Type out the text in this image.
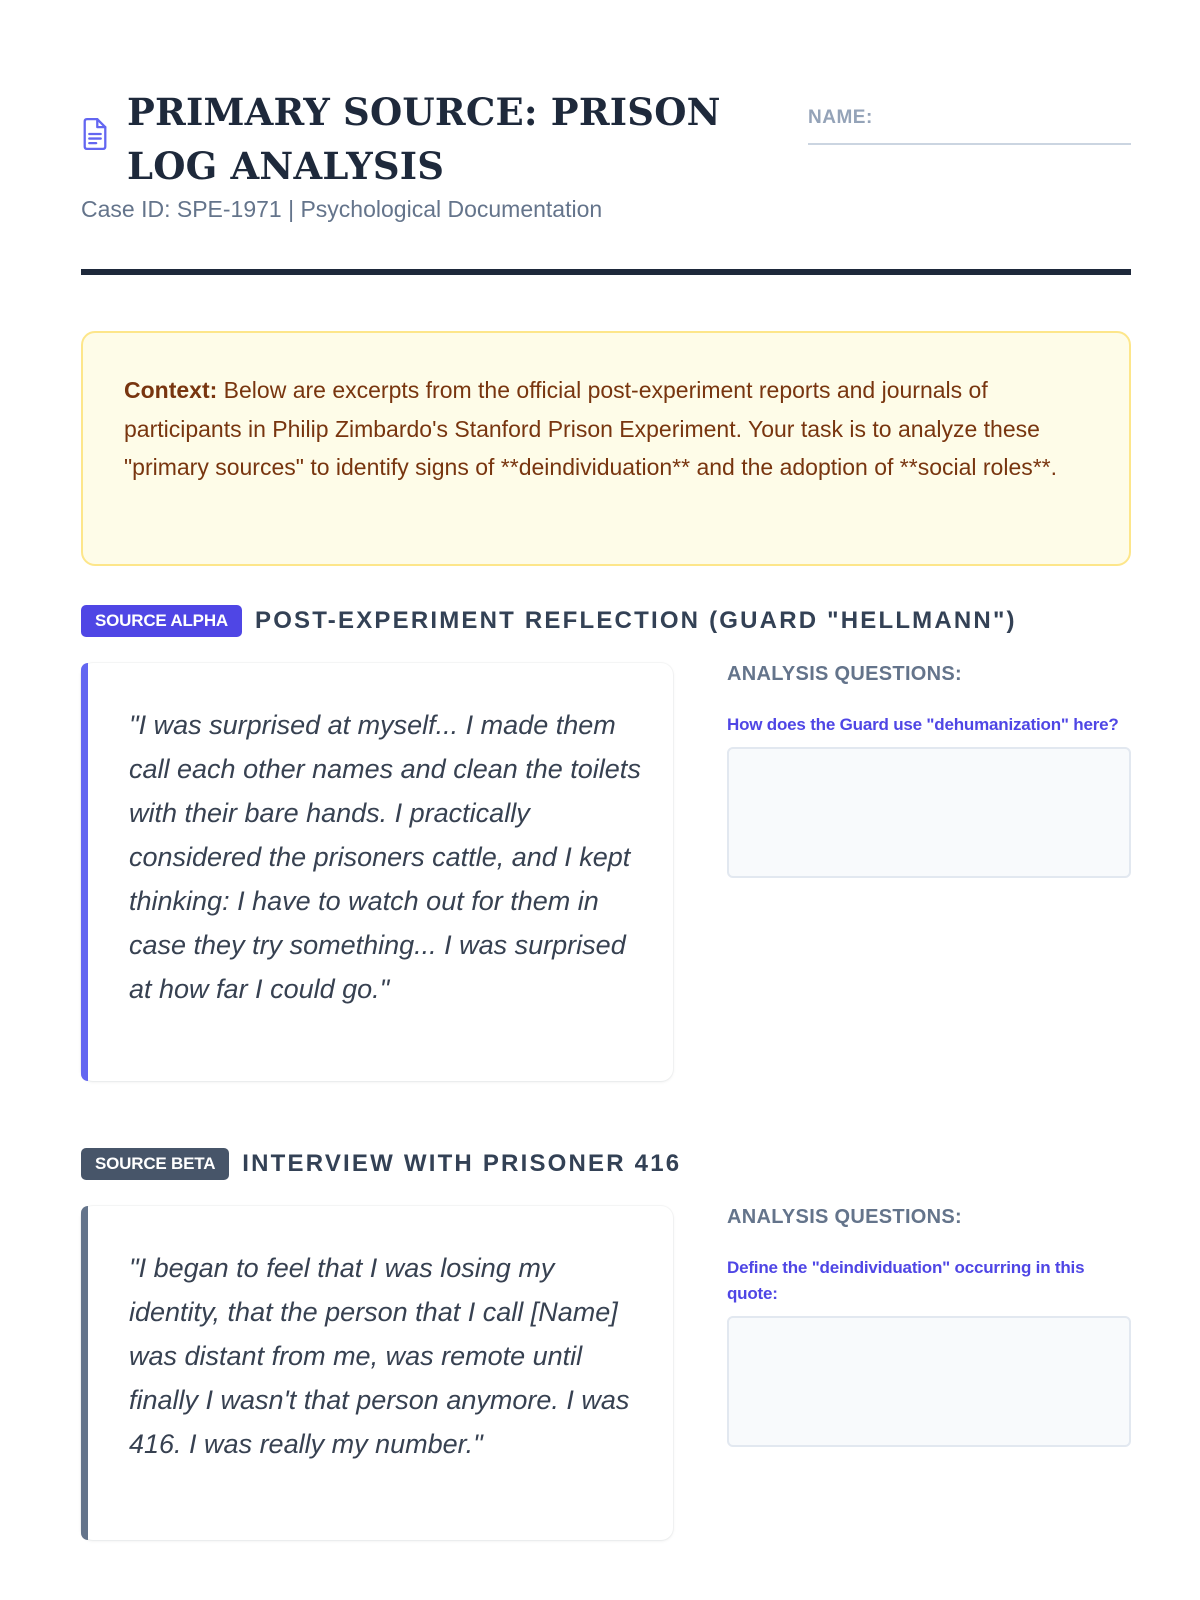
PRIMARY SOURCE: PRISON LOG ANALYSIS
Case ID: SPE-1971 | Psychological Documentation
NAME:
Context: Below are excerpts from the official post-experiment reports and journals of participants in Philip Zimbardo's Stanford Prison Experiment. Your task is to analyze these "primary sources" to identify signs of **deindividuation** and the adoption of **social roles**.
SOURCE ALPHA	POST-EXPERIMENT REFLECTION (GUARD "HELLMANN")
"I was surprised at myself... I made them call each other names and clean the toilets with their bare hands. I practically considered the prisoners cattle, and I kept thinking: I have to watch out for them in case they try something... I was surprised at how far I could go."
ANALYSIS QUESTIONS:
How does the Guard use "dehumanization" here?
SOURCE BETA	INTERVIEW WITH PRISONER 416
"I began to feel that I was losing my identity, that the person that I call [Name] was distant from me, was remote until finally I wasn't that person anymore. I was 416. I was really my number."
ANALYSIS QUESTIONS:
Define the "deindividuation" occurring in this quote:
